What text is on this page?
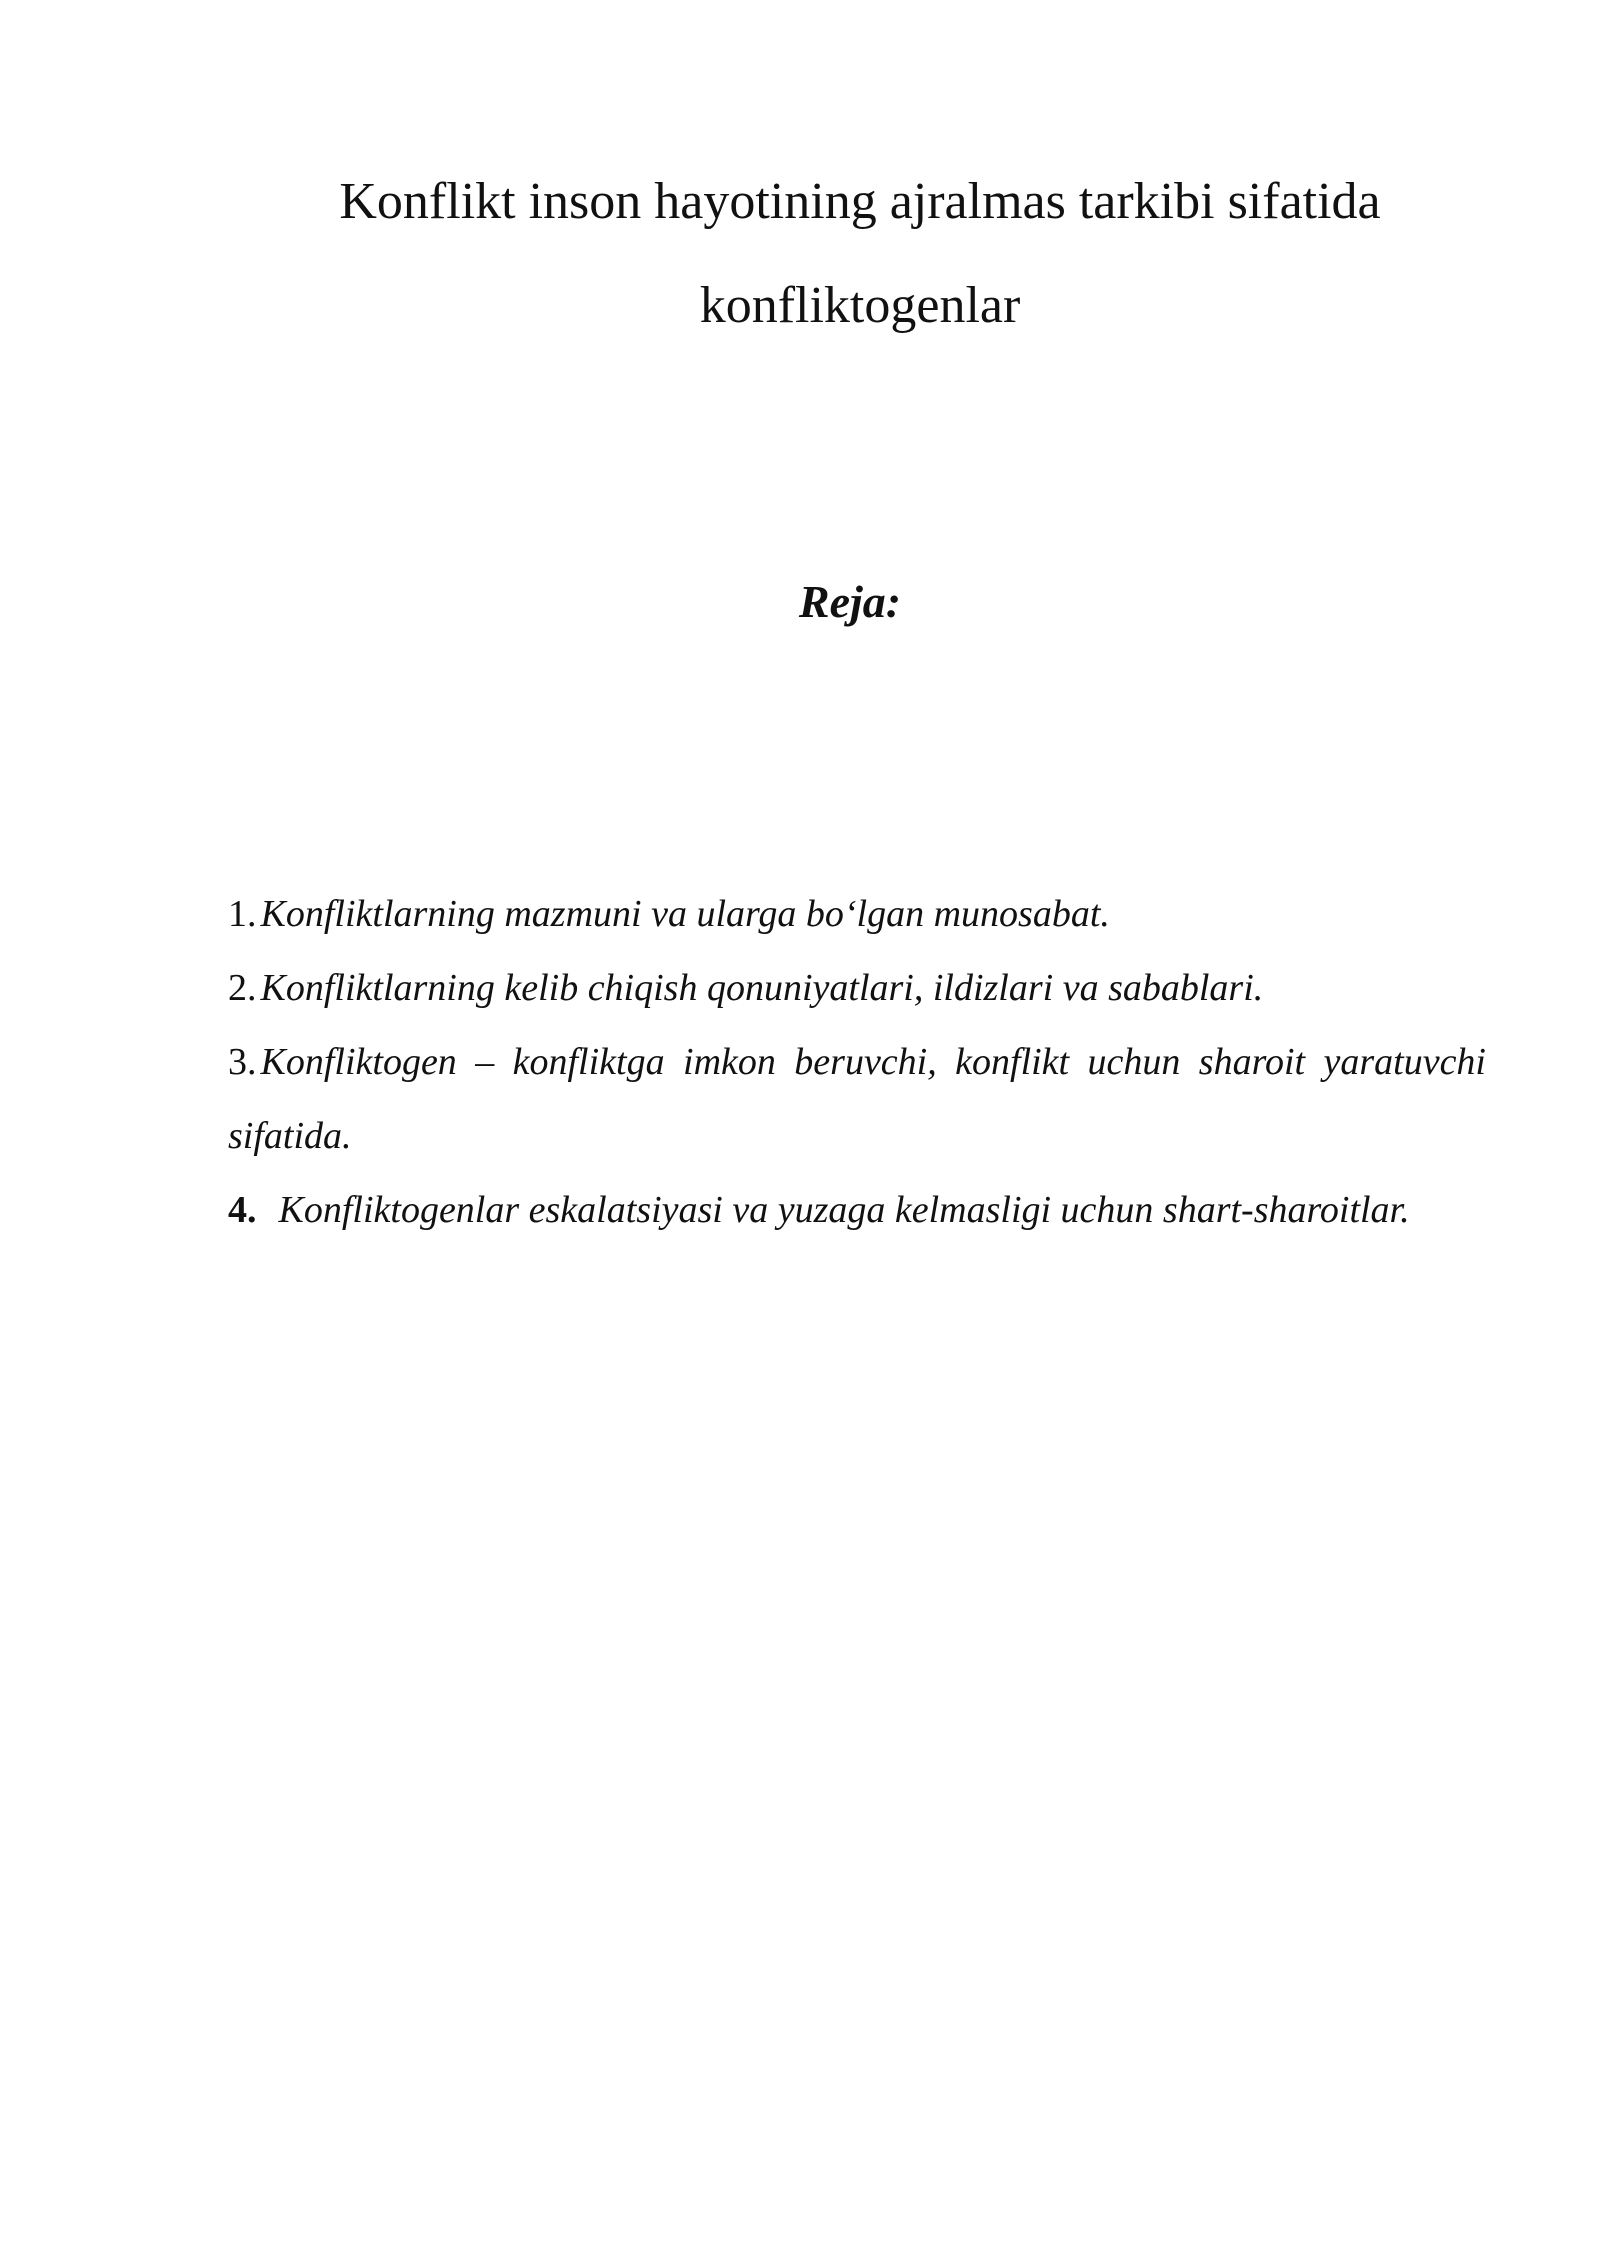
Konflikt inson hayotining ajralmas tarkibi sifatida
konfliktogenlar
Reja:
1. Konfliktlarning mazmuni va ularga bo‘lgan munosabat.
2. Konfliktlarning kelib chiqish qonuniyatlari, ildizlari va sabablari.
3. Konfliktogen – konfliktga imkon beruvchi, konflikt uchun sharoit yaratuvchi sifatida.
4. Konfliktogenlar eskalatsiyasi va yuzaga kelmasligi uchun shart-sharoitlar.
